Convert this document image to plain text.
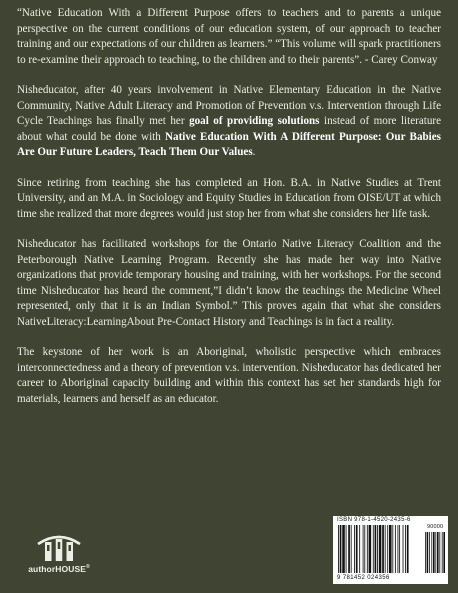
“Native Education With a Different Purpose offers to teachers and to parents a unique perspective on the current conditions of our education system, of our approach to teacher training and our expectations of our children as learners.” “This volume will spark practitioners to re-examine their approach to teaching, to the children and to their parents”. - Carey Conway

Nisheducator, after 40 years involvement in Native Elementary Education in the Native Community, Native Adult Literacy and Promotion of Prevention v.s. Intervention through Life Cycle Teachings has finally met her goal of providing solutions instead of more literature about what could be done with Native Education With A Different Purpose: Our Babies Are Our Future Leaders, Teach Them Our Values.

Since retiring from teaching she has completed an Hon. B.A. in Native Studies at Trent University, and an M.A. in Sociology and Equity Studies in Education from OISE/UT at which time she realized that more degrees would just stop her from what she considers her life task.

Nisheducator has facilitated workshops for the Ontario Native Literacy Coalition and the Peterborough Native Learning Program. Recently she has made her way into Native organizations that provide temporary housing and training, with her workshops. For the second time Nisheducator has heard the comment,”I didn’t know the teachings the Medicine Wheel represented, only that it is an Indian Symbol.” This proves again that what she considers NativeLiteracy:LearningAbout Pre-Contact History and Teachings is in fact a reality.

The keystone of her work is an Aboriginal, wholistic perspective which embraces interconnectedness and a theory of prevention v.s. intervention. Nisheducator has dedicated her career to Aboriginal capacity building and within this context has set her standards high for materials, learners and herself as an educator.

authorHOUSE®
ISBN 978-1-4520-2435-6
90000
9 781452 024356
